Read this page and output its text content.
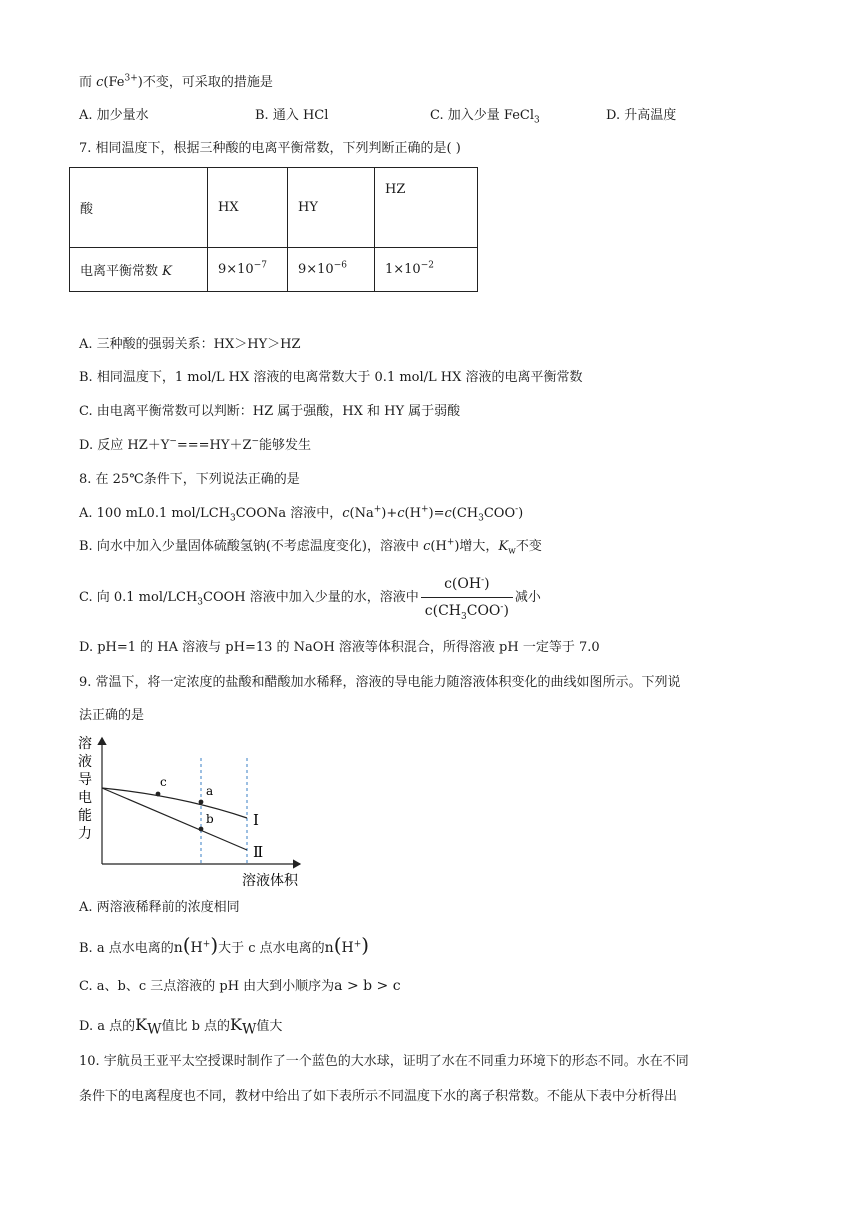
而 $c(Fe^{3+})$不变，可采取的措施是
A. 加少量水	B. 通入 HCl	C. 加入少量 FeCl$_3$	D. 升高温度
7. 相同温度下，根据三种酸的电离平衡常数，下列判断正确的是( )
酸	HX	HY	HZ
电离平衡常数 K	$9\times 10^{-7}$	$9\times 10^{-6}$	$1\times 10^{-2}$
A. 三种酸的强弱关系：HX＞HY＞HZ
B. 相同温度下，1 mol/L HX 溶液的电离常数大于 0.1 mol/L HX 溶液的电离平衡常数
C. 由电离平衡常数可以判断：HZ 属于强酸，HX 和 HY 属于弱酸
D. 反应 HZ＋Y−===HY＋Z−能够发生
8. 在 25℃条件下，下列说法正确的是
A. 100 mL0.1 mol/$LCH_3COONa$ 溶液中，$c(Na^+)+c(H^+)=c(CH_3COO^-)$
B. 向水中加入少量固体硫酸氢钠(不考虑温度变化)，溶液中 c(H+)增大，$K_w$不变
C. 向 0.1 mol/$LCH_3COOH$ 溶液中加入少量的水，溶液中 $\frac{c(OH^-)}{c(CH_3COO^-)}$ 减小
D. pH=1 的 HA 溶液与 pH=13 的 NaOH 溶液等体积混合，所得溶液 pH 一定等于 7.0
9. 常温下，将一定浓度的盐酸和醋酸加水稀释，溶液的导电能力随溶液体积变化的曲线如图所示。下列说
法正确的是
c
a
b	Ⅰ
Ⅱ
溶
液
导
电
能
力
溶液体积
A. 两溶液稀释前的浓度相同
B. a 点水电离的n(H+)大于 c 点水电离的n(H+)
C. a、b、c 三点溶液的 pH 由大到小顺序为a > b > c
D. a 点的$K_W$值比 b 点的$K_W$值大
10. 宇航员王亚平太空授课时制作了一个蓝色的大水球，证明了水在不同重力环境下的形态不同。水在不同
条件下的电离程度也不同，教材中给出了如下表所示不同温度下水的离子积常数。不能从下表中分析得出
